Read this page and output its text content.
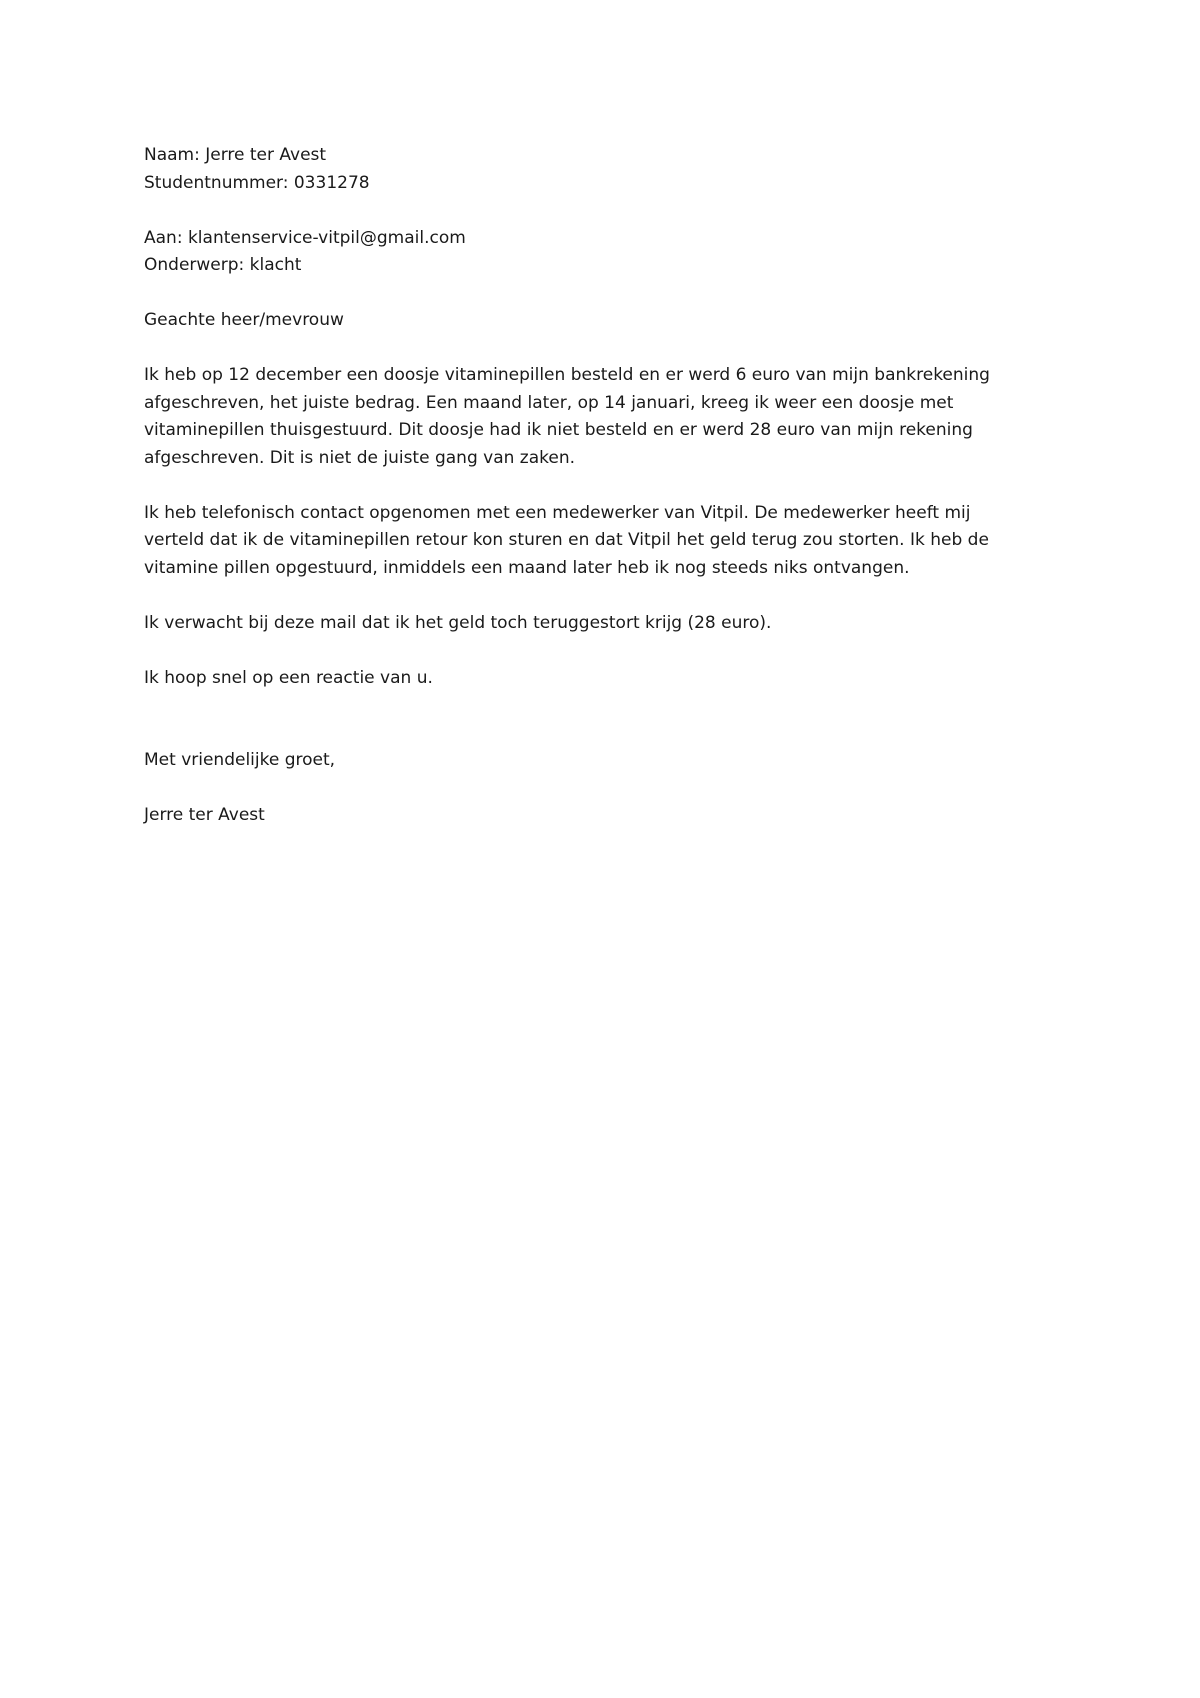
Naam: Jerre ter Avest
Studentnummer: 0331278
Aan: klantenservice-vitpil@gmail.com
Onderwerp: klacht
Geachte heer/mevrouw
Ik heb op 12 december een doosje vitaminepillen besteld en er werd 6 euro van mijn bankrekening
afgeschreven, het juiste bedrag. Een maand later, op 14 januari, kreeg ik weer een doosje met
vitaminepillen thuisgestuurd. Dit doosje had ik niet besteld en er werd 28 euro van mijn rekening
afgeschreven. Dit is niet de juiste gang van zaken.
Ik heb telefonisch contact opgenomen met een medewerker van Vitpil. De medewerker heeft mij
verteld dat ik de vitaminepillen retour kon sturen en dat Vitpil het geld terug zou storten. Ik heb de
vitamine pillen opgestuurd, inmiddels een maand later heb ik nog steeds niks ontvangen.
Ik verwacht bij deze mail dat ik het geld toch teruggestort krijg (28 euro).
Ik hoop snel op een reactie van u.
Met vriendelijke groet,
Jerre ter Avest
